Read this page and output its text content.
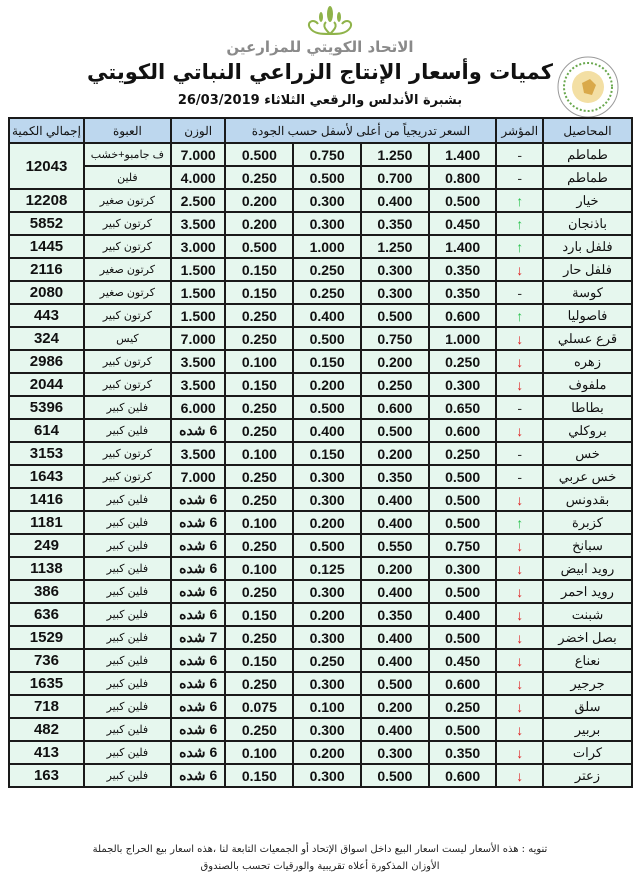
الاتحاد الكويتي للمزارعين
كميات وأسعار الإنتاج الزراعي النباتي الكويتي
بشبرة الأندلس والرقعي الثلاثاء 26/03/2019
المحاصيل	المؤشر	السعر تدريجياً من أعلى لأسفل حسب الجودة				الوزن	العبوة	إجمالي الكمية
طماطم	-	1.400	1.250	0.750	0.500	7.000	ف جامبو+خشب	12043
طماطم	-	0.800	0.700	0.500	0.250	4.000	فلين	
خيار	↑	0.500	0.400	0.300	0.200	2.500	كرتون صغير	12208
باذنجان	↑	0.450	0.350	0.300	0.200	3.500	كرتون كبير	5852
فلفل بارد	↑	1.400	1.250	1.000	0.500	3.000	كرتون كبير	1445
فلفل حار	↓	0.350	0.300	0.250	0.150	1.500	كرتون صغير	2116
كوسة	-	0.350	0.300	0.250	0.150	1.500	كرتون صغير	2080
فاصوليا	↑	0.600	0.500	0.400	0.250	1.500	كرتون كبير	443
قرع عسلي	↓	1.000	0.750	0.500	0.250	7.000	كيس	324
زهره	↓	0.250	0.200	0.150	0.100	3.500	كرتون كبير	2986
ملفوف	↓	0.300	0.250	0.200	0.150	3.500	كرتون كبير	2044
بطاطا	-	0.650	0.600	0.500	0.250	6.000	فلين كبير	5396
بروكلي	↓	0.600	0.500	0.400	0.250	6 شده	فلين كبير	614
خس	-	0.250	0.200	0.150	0.100	3.500	كرتون كبير	3153
خس عربي	-	0.500	0.350	0.300	0.250	7.000	كرتون كبير	1643
بقدونس	↓	0.500	0.400	0.300	0.250	6 شده	فلين كبير	1416
كزبرة	↑	0.500	0.400	0.200	0.100	6 شده	فلين كبير	1181
سبانخ	↓	0.750	0.550	0.500	0.250	6 شده	فلين كبير	249
رويد ابيض	↓	0.300	0.200	0.125	0.100	6 شده	فلين كبير	1138
رويد احمر	↓	0.500	0.400	0.300	0.250	6 شده	فلين كبير	386
شبنت	↓	0.400	0.350	0.200	0.150	6 شده	فلين كبير	636
بصل اخضر	↓	0.500	0.400	0.300	0.250	7 شده	فلين كبير	1529
نعناع	↓	0.450	0.400	0.250	0.150	6 شده	فلين كبير	736
جرجير	↓	0.600	0.500	0.300	0.250	6 شده	فلين كبير	1635
سلق	↓	0.250	0.200	0.100	0.075	6 شده	فلين كبير	718
بربير	↓	0.500	0.400	0.300	0.250	6 شده	فلين كبير	482
كرات	↓	0.350	0.300	0.200	0.100	6 شده	فلين كبير	413
زعتر	↓	0.600	0.500	0.300	0.150	6 شده	فلين كبير	163
تنويه : هذه الأسعار ليست اسعار البيع داخل اسواق الإتحاد أو الجمعيات التابعة لنا ،هذه اسعار بيع الحراج بالجملة
الأوزان المذكورة أعلاه تقريبية والورقيات تحسب بالصندوق
